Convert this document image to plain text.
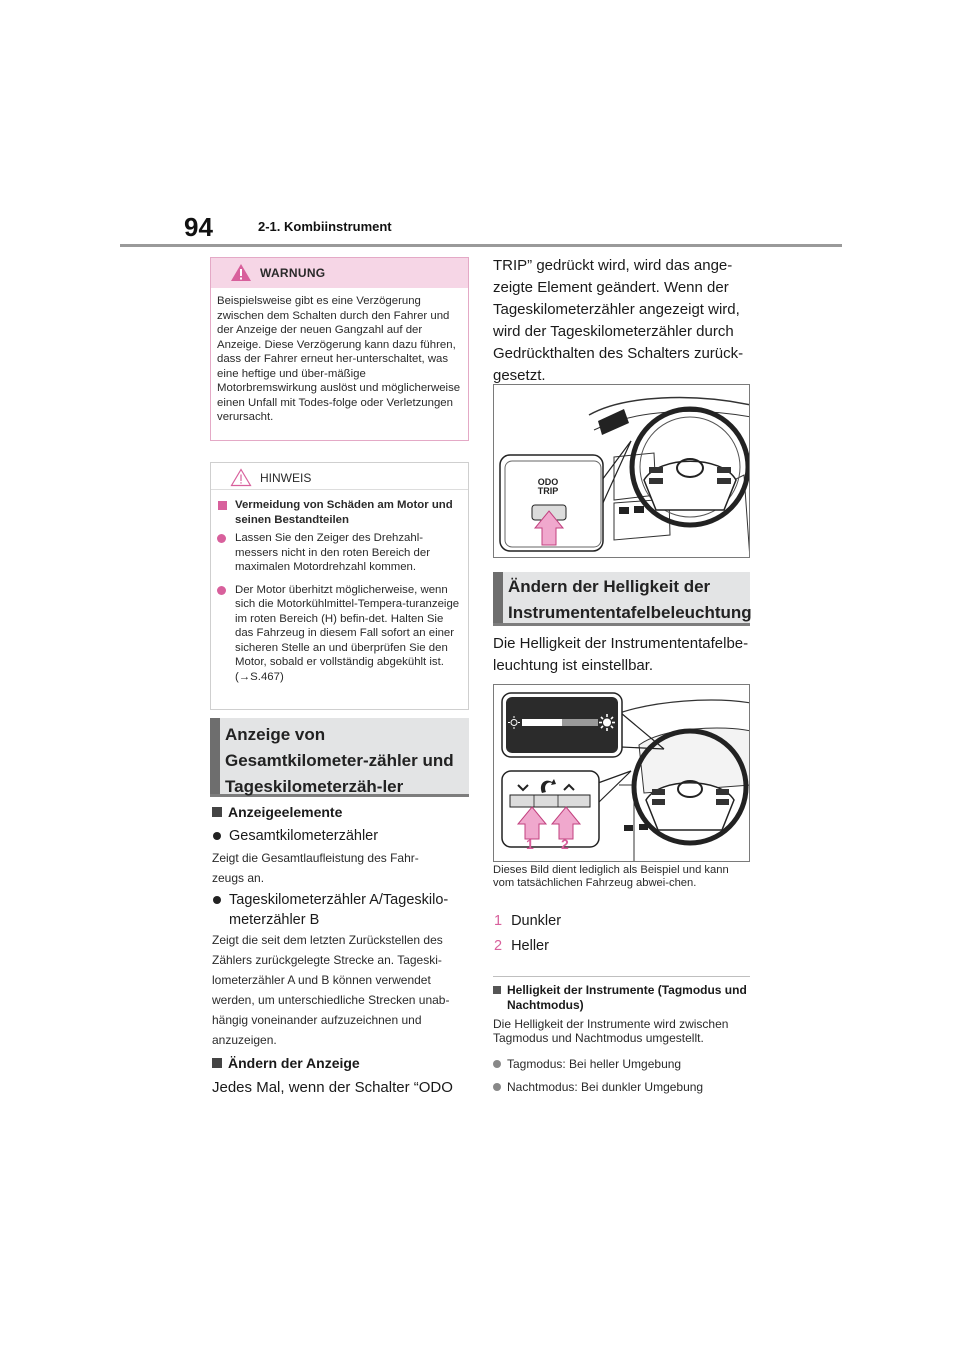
94	2-1. Kombiinstrument
WARNUNG
Beispielsweise gibt es eine Verzögerung zwischen dem Schalten durch den Fahrer und der Anzeige der neuen Gangzahl auf der Anzeige. Diese Verzögerung kann dazu führen, dass der Fahrer erneut her-unterschaltet, was eine heftige und über-mäßige Motorbremswirkung auslöst und möglicherweise einen Unfall mit Todes-folge oder Verletzungen verursacht.
HINWEIS
Vermeidung von Schäden am Motor und seinen Bestandteilen
Lassen Sie den Zeiger des Drehzahl-messers nicht in den roten Bereich der maximalen Motordrehzahl kommen.
Der Motor überhitzt möglicherweise, wenn sich die Motorkühlmittel-Tempera-turanzeige im roten Bereich (H) befin-det. Halten Sie das Fahrzeug in diesem Fall sofort an einer sicheren Stelle an und überprüfen Sie den Motor, sobald er vollständig abgekühlt ist. (→S.467)
Anzeige von Gesamtkilometer-zähler und Tageskilometerzäh-ler
Anzeigeelemente
Gesamtkilometerzähler
Zeigt die Gesamtlaufleistung des Fahr-zeugs an.
Tageskilometerzähler A/Tageskilo-meterzähler B
Zeigt die seit dem letzten Zurückstellen des Zählers zurückgelegte Strecke an. Tageski-lometerzähler A und B können verwendet werden, um unterschiedliche Strecken unab-hängig voneinander aufzuzeichnen und anzuzeigen.
Ändern der Anzeige
Jedes Mal, wenn der Schalter “ODO
TRIP” gedrückt wird, wird das ange-zeigte Element geändert. Wenn der Tageskilometerzähler angezeigt wird, wird der Tageskilometerzähler durch Gedrückthalten des Schalters zurück-gesetzt.
ODO
TRIP
Ändern der Helligkeit der Instrumententafelbeleuchtung
Die Helligkeit der Instrumententafelbe-leuchtung ist einstellbar.
1 2
Dieses Bild dient lediglich als Beispiel und kann vom tatsächlichen Fahrzeug abwei-chen.
1 Dunkler
2 Heller
Helligkeit der Instrumente (Tagmodus und Nachtmodus)
Die Helligkeit der Instrumente wird zwischen Tagmodus und Nachtmodus umgestellt.
Tagmodus: Bei heller Umgebung
Nachtmodus: Bei dunkler Umgebung
